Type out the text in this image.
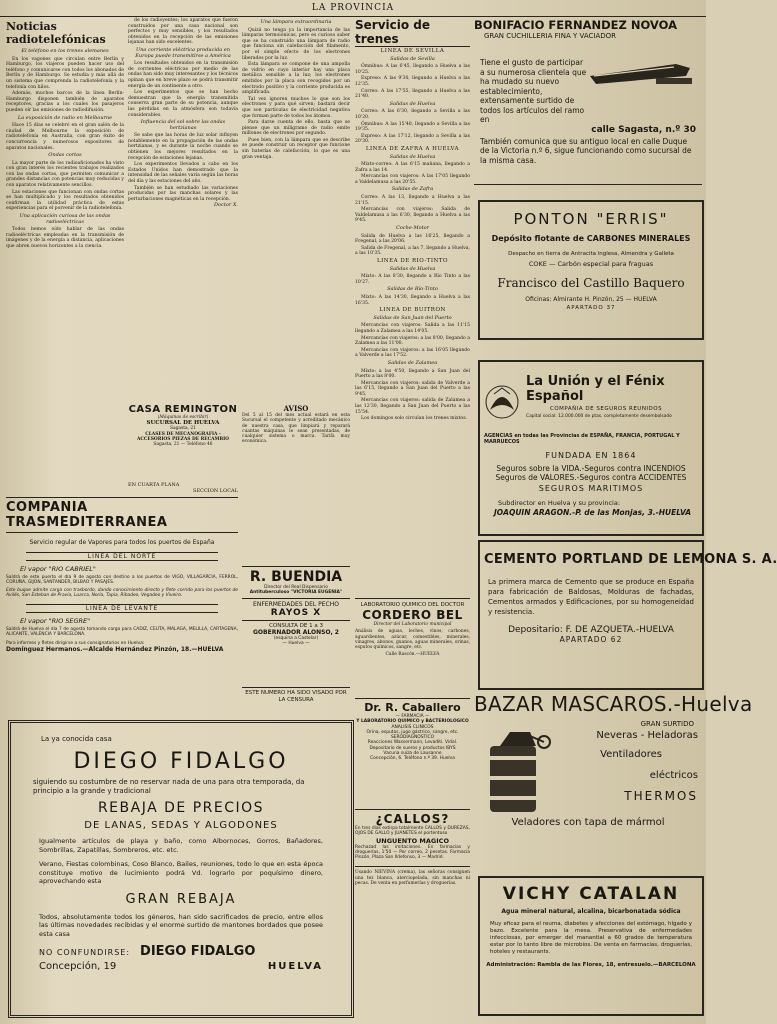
LA PROVINCIA
Noticias radiotelefónicas
El teléfono en los trenes alemanes

En los vagones que circulan entre Berlín y Hamburgo, los viajeros pueden hacer uso del teléfono y comunicarse con todos los abonados de Berlín y de Hamburgo. Se estudia y más allá de un sistema que comprenda la radiotelefonía y la telefonía con hilos.

Además, muchos barcos de la línea Berlín-Hamburgo disponen también de aparatos receptores, gracias a los cuales los pasajeros pueden oír las emisiones de radiodifusión.

La exposición de radio en Melbourne

Hace 15 días se celebró en el gran salón de la ciudad de Melbourne la exposición de radiotelefonía en Australia, con gran éxito de concurrencia y numerosos expositores de aparatos nacionales.

Ondas cortas

La mayor parte de los radioaficionados ha visto con gran interés los recientes trabajos realizados con las ondas cortas, que permiten comunicar a grandes distancias con potencias muy reducidas y con aparatos relativamente sencillos.

Las estaciones que funcionan con ondas cortas se han multiplicado y los resultados obtenidos confirman la utilidad práctica de estas experiencias para el porvenir de la radiotelefonía.

Una aplicación curiosa de las ondas radioeléctricas

Todos hemos oído hablar de las ondas radioeléctricas empleadas en la transmisión de imágenes y de la energía a distancia, aplicaciones que abren nuevos horizontes a la ciencia.

de los radioyentes; los aparatos que fueron construidos por una casa nacional son perfectos y muy sensibles, y los resultados obtenidos en la recepción de las emisiones lejanas han sido excelentes.

Una corriente eléctrica producida en Europa puede transmitirse a América

Los resultados obtenidos en la transmisión de corrientes eléctricas por medio de las ondas han sido muy interesantes y los técnicos opinan que en breve plazo se podrá transmitir energía de un continente a otro.

Los experimentos que se han hecho demuestran que la energía transmitida conserva gran parte de su potencia, aunque las pérdidas en la atmósfera son todavía considerables.

Influencia del sol sobre las ondas hertzianas

Se sabe que las horas de luz solar influyen notablemente en la propagación de las ondas hertzianas, y es durante la noche cuando se obtienen los mejores resultados en la recepción de estaciones lejanas.

Los experimentos llevados a cabo en los Estados Unidos han demostrado que la intensidad de las señales varía según las horas del día y las estaciones del año.

También se han estudiado las variaciones producidas por las manchas solares y las perturbaciones magnéticas en la recepción.

Doctor X.
Una lámpara extraordinaria

Quizá no tenga ya la importancia de las lámparas termoiónicas, pero es curioso saber que se ha construido una lámpara de radio que funciona sin calefacción del filamento, por el simple efecto de los electrones liberados por la luz.

Esta lámpara se compone de una ampolla de vidrio en cuyo interior hay una placa metálica sensible a la luz; los electrones emitidos por la placa son recogidos por un electrodo positivo y la corriente producida es amplificada.

Tal vez ignoren muchos lo que son los electrones y para qué sirven; bastará decir que son partículas de electricidad negativa que forman parte de todos los átomos.

Para darse cuenta de ello, basta que se piense que un miligramo de radio emite millones de electrones por segundo.

Pues bien, con la lámpara que se describe se puede construir un receptor que funcione sin baterías de calefacción, lo que es una gran ventaja.

CASA REMINGTON
(Máquinas de escribir)
SUCURSAL DE HUELVA
Sagasta, 21
CLASES DE MECANOGRAFIA - ACCESORIOS PIEZAS DE RECAMBIO
Sagasta, 21 — Teléfono 46
AVISO
Del 5 al 15 del mes actual estará en esta Sucursal el competente y acreditado mecánico de nuestra casa, que limpiará y reparará cuantas máquinas le sean presentadas, de cualquier sistema o marca. Tarifa muy económica.
EN CUARTA PLANA

SECCION LOCAL
COMPANIA TRASMEDITERRANEA
Servicio regular de Vapores para todos los puertos de España
LINEA DEL NORTE
El vapor "RIO CABRIEL"
Saldrá de este puerto el día 9 de agosto con destino a los puertos de VIGO, VILLAGARCIA, FERROL, CORUÑA, GIJON, SANTANDER, BILBAO Y PASAJES.
Este buque admite carga con trasbordo, dando conocimiento directo y flete corrido para los puertos de Avilés, San Esteban de Pravia, Luarca, Noria, Tapia, Ribadeo, Vegadeo y Viveiro.
LINEA DE LEVANTE
El vapor "RIO SEGRE"
Saldrá de Huelva el día 7 de agosto tomando carga para CADIZ, CEUTA, MALAGA, MELILLA, CARTAGENA, ALICANTE, VALENCIA Y BARCELONA.
Para informes y fletes dirigirse a sus consignatarios en Huelva:
Domínguez Hermanos.—Alcalde Hernández Pinzón, 18.—HUELVA
R. BUENDIA
Director del Real Dispensario
Antituberculoso "VICTORIA EUGENIA"
ENFERMEDADES DEL PECHO
RAYOS X
CONSULTA DE 1 a 3
GOBERNADOR ALONSO, 2
(esquina a Castelar)
— Huelva —
ESTE NUMERO HA SIDO VISADO POR LA CENSURA
La ya conocida casa
DIEGO FIDALGO
siguiendo su costumbre de no reservar nada de una para otra temporada, da principio a la grande y tradicional
REBAJA DE PRECIOS
DE LANAS, SEDAS Y ALGODONES
Igualmente artículos de playa y baño, como Albornoces, Gorros, Bañadores, Sombrillas, Zapatillas, Sombreros, etc. etc.
Verano, Fiestas colombinas, Coso Blanco, Bailes, reuniones, todo lo que en esta época constituye motivo de lucimiento podrá Vd. lograrlo por poquísimo dinero, aprovechando esta
GRAN REBAJA
Todos, absolutamente todos los géneros, han sido sacrificados de precio, entre ellos las últimas novedades recibidas y el enorme surtido de mantones bordados que posee esta casa
NO CONFUNDIRSE: DIEGO FIDALGO
Concepción, 19	HUELVA
Servicio de trenes
LINEA DE SEVILLA
Salidas de Sevilla

Ómnibus: A las 6'45, llegando a Huelva a las 10'25.

Expreso: A las 9'30, llegando a Huelva a las 12'35.

Correo: A las 17'55, llegando a Huelva a las 21'40.

Salidas de Huelva

Correo: A las 6'30, llegando a Sevilla a las 10'20.

Ómnibus: A las 15'40, llegando a Sevilla a las 19'35.

Expreso: A las 17'12, llegando a Sevilla a las 20'30.

LINEA DE ZAFRA A HUELVA
Salidas de Huelva

Mixto-correo: A las 6'15 mañana, llegando a Zafra a las 14.

Mercancías con viajeros: A las 17'05 llegando a Valdelamusa a las 20'55.

Salidas de Zafra

Correo: A las 13, llegando a Huelva a las 21'15.

Mercancías con viajeros: Salida de Valdelamusa a las 6'30, llegando a Huelva a las 9'45.

Coche-Motor

Salida de Huelva a las 16'25, llegando a Fregenal, a las 20'06.

Salida de Fregenal, a las 7, llegando a Huelva, a las 10'35.

LINEA DE RIO-TINTO
Salidas de Huelva

Mixto: A las 8'30, llegando a Río Tinto a las 10'27.

Salidas de Río-Tinto

Mixto: A las 14'30, llegando a Huelva a las 16'35.

LINEA DE BUITRON
Salidas de San Juan del Puerto

Mercancías con viajeros: Salida a las 11'15 llegando a Zalamea a las 14'05.

Mercancías con viajeros: a las 8'00, llegando a Zalamea a las 11'00.

Mercancías con viajeros: a las 16'05 llegando a Valverde a las 17'52.

Salidas de Zalamea

Mixto: a las 4'50, llegando a San Juan del Puerto a las 8'00.

Mercancías con viajeros: salida de Valverde a las 6'15, llegando a San Juan del Puerto a las 9'45.

Mercancías con viajeros: salida de Zalamea a las 12'30, llegando a San Juan del Puerto a las 15'54.

Los domingos solo circulan los trenes mixtos.

LABORATORIO QUIMICO DEL DOCTOR
CORDERO BEL
Director del Laboratorio municipal
Análisis de aguas, leches, vinos, carbones, aguardientes, azúcar, comestibles, minerales, vinagres, abonos, guanos, aguas minerales, orinas, esputos químicos, sangre, etc.
Calle Rascón.—HUELVA
Dr. R. Caballero
— FARMACIA —
Y LABORATORIO QUIMICO y BACTERIOLOGICO
ANALISIS CLINICOS
Orina, esputos, jugo gástrico, sangre, etc.
SERODIAGNOSTICO
Reacciones Wassermann, Levaditi. Vidal.
Depositario de sueros y productos IBYS
Vacuna suiza de Lausanne
Concepción, 6. Teléfono n.º 39. Huelva
¿CALLOS?
En tres días extirpa totalmente CALLOS y DUREZAS, OJOS DE GALLO y JUANETES el portentoso
UNGUENTO MAGICO
Rechazad las imitaciones. En farmacias y droguerías, 1'50 — Por correo, 2 pesetas. Farmacia Pinzón, Plaza San Ildefonso, 3 — Madrid.
Usando NIEVINA (crema), las señoras consiguen una tez blanca, aterciopelada, sin manchas ni pecas. De venta en perfumerías y droguerías.
BONIFACIO FERNANDEZ NOVOA
GRAN CUCHILLERIA FINA Y VACIADOR
Tiene el gusto de participar a su numerosa clientela que ha mudado su nuevo establecimiento, extensamente surtido de todos los artículos del ramo en
calle Sagasta, n.º 30
También comunica que su antiguo local en calle Duque de la Victoria n.º 6, sigue funcionando como sucursal de la misma casa.
PONTON "ERRIS"
Depósito flotante de CARBONES MINERALES
Despacho en tierra de Antracita inglesa, Almendra y Galleta
COKE — Carbón especial para fraguas
Francisco del Castillo Baquero
Oficinas: Almirante H. Pinzón, 25 — HUELVA
APARTADO 37
La Unión y el Fénix Español
COMPAÑIA DE SEGUROS REUNIDOS
Capital social: 12.000.000 de ptas. completamente desembolsado
AGENCIAS en todas las Provincias de ESPAÑA, FRANCIA, PORTUGAL Y MARRUECOS
FUNDADA EN 1864
Seguros sobre la VIDA.-Seguros contra INCENDIOS
Seguros de VALORES.-Seguros contra ACCIDENTES
SEGUROS MARITIMOS
Subdirector en Huelva y su provincia:
JOAQUIN ARAGON.-P. de las Monjas, 3.-HUELVA
CEMENTO PORTLAND DE LEMONA S. A.
La primera marca de Cemento que se produce en España para fabricación de Baldosas, Molduras de fachadas, Cementos armados y Edificaciones, por su homogeneidad y resistencia.
Depositario: F. DE AZQUETA.-HUELVA
APARTADO 62
BAZAR MASCAROS.-Huelva
GRAN SURTIDO
Neveras - Heladoras
Ventiladores
eléctricos
THERMOS
Veladores con tapa de mármol
VICHY CATALAN
Agua mineral natural, alcalina, bicarbonatada sódica
Muy eficaz para el reuma, diabetes y afecciones del estómago, hígado y bazo. Excelente para la mesa. Preservativa de enfermedades infecciosas, por emerger del manantial a 60 grados de temperatura estar por lo tanto libre de microbios. De venta en farmacias, droguerías, hoteles y restaurants.
Administración: Rambla de las Flores, 18, entresuelo.—BARCELONA
